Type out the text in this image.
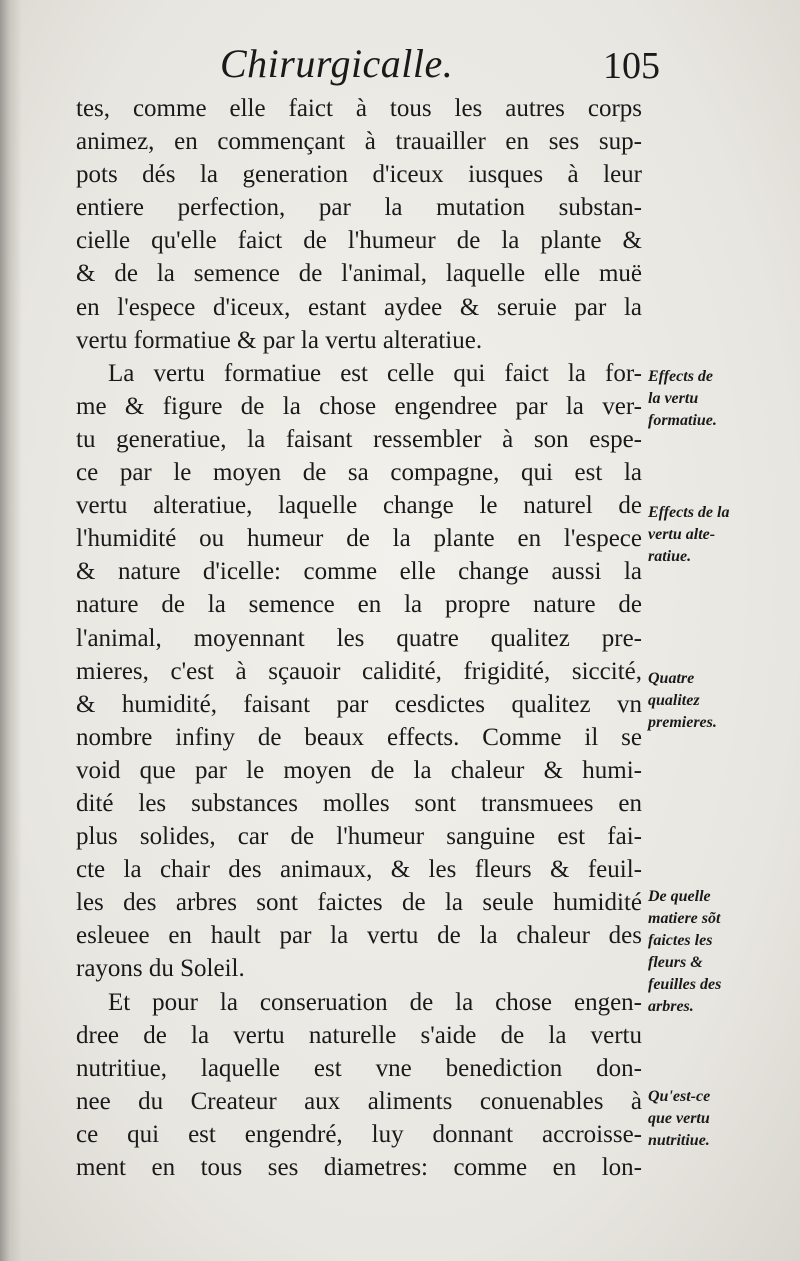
Chirurgicalle.	105
tes, comme elle faict à tous les autres corps
animez, en commençant à trauailler en ses sup-
pots dés la generation d'iceux iusques à leur
entiere perfection, par la mutation substan-
cielle qu'elle faict de l'humeur de la plante &
& de la semence de l'animal, laquelle elle muë
en l'espece d'iceux, estant aydee & seruie par la
vertu formatiue & par la vertu alteratiue.
La vertu formatiue est celle qui faict la for-
me & figure de la chose engendree par la ver-
tu generatiue, la faisant ressembler à son espe-
ce par le moyen de sa compagne, qui est la
vertu alteratiue, laquelle change le naturel de
l'humidité ou humeur de la plante en l'espece
& nature d'icelle: comme elle change aussi la
nature de la semence en la propre nature de
l'animal, moyennant les quatre qualitez pre-
mieres, c'est à sçauoir calidité, frigidité, siccité,
& humidité, faisant par cesdictes qualitez vn
nombre infiny de beaux effects. Comme il se
void que par le moyen de la chaleur & humi-
dité les substances molles sont transmuees en
plus solides, car de l'humeur sanguine est fai-
cte la chair des animaux, & les fleurs & feuil-
les des arbres sont faictes de la seule humidité
esleuee en hault par la vertu de la chaleur des
rayons du Soleil.
Et pour la conseruation de la chose engen-
dree de la vertu naturelle s'aide de la vertu
nutritiue, laquelle est vne benediction don-
nee du Createur aux aliments conuenables à
ce qui est engendré, luy donnant accroisse-
ment en tous ses diametres: comme en lon-
Effects de
la vertu
formatiue.
Effects de la
vertu alte-
ratiue.
Quatre
qualitez
premieres.
De quelle
matiere sõt
faictes les
fleurs &
feuilles des
arbres.
Qu'est-ce
que vertu
nutritiue.
